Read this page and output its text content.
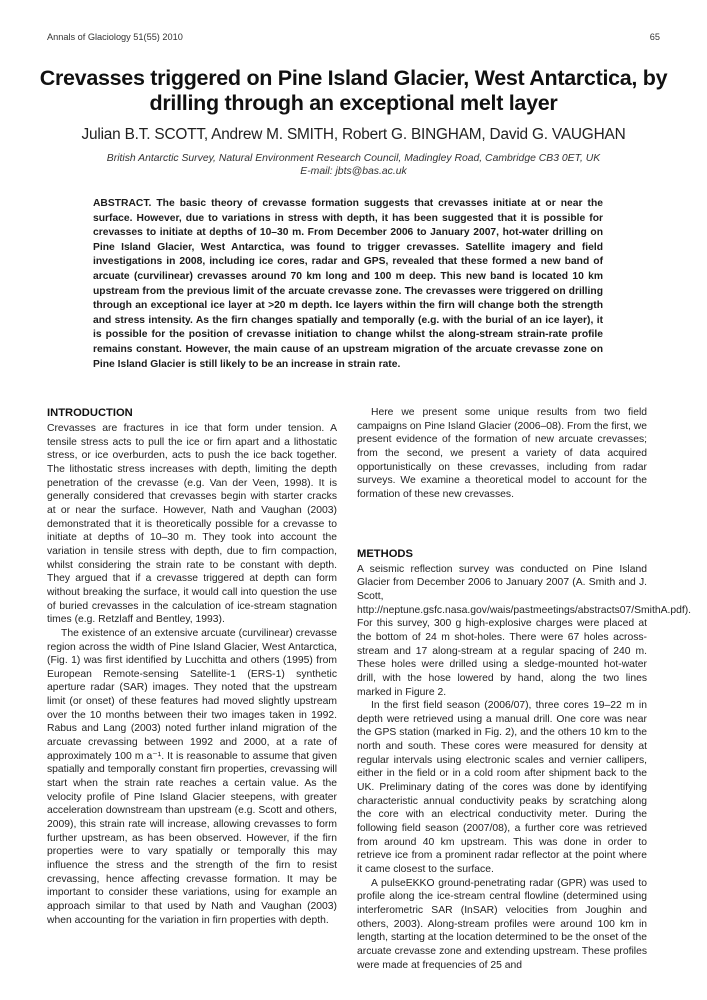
Annals of Glaciology 51(55) 2010	65
Crevasses triggered on Pine Island Glacier, West Antarctica, by drilling through an exceptional melt layer
Julian B.T. SCOTT, Andrew M. SMITH, Robert G. BINGHAM, David G. VAUGHAN
British Antarctic Survey, Natural Environment Research Council, Madingley Road, Cambridge CB3 0ET, UK
E-mail: jbts@bas.ac.uk

ABSTRACT. The basic theory of crevasse formation suggests that crevasses initiate at or near the surface. However, due to variations in stress with depth, it has been suggested that it is possible for crevasses to initiate at depths of 10–30 m. From December 2006 to January 2007, hot-water drilling on Pine Island Glacier, West Antarctica, was found to trigger crevasses. Satellite imagery and field investigations in 2008, including ice cores, radar and GPS, revealed that these formed a new band of arcuate (curvilinear) crevasses around 70 km long and 100 m deep. This new band is located 10 km upstream from the previous limit of the arcuate crevasse zone. The crevasses were triggered on drilling through an exceptional ice layer at >20 m depth. Ice layers within the firn will change both the strength and stress intensity. As the firn changes spatially and temporally (e.g. with the burial of an ice layer), it is possible for the position of crevasse initiation to change whilst the along-stream strain-rate profile remains constant. However, the main cause of an upstream migration of the arcuate crevasse zone on Pine Island Glacier is still likely to be an increase in strain rate.

INTRODUCTION

Crevasses are fractures in ice that form under tension. A tensile stress acts to pull the ice or firn apart and a lithostatic stress, or ice overburden, acts to push the ice back together. The lithostatic stress increases with depth, limiting the depth penetration of the crevasse (e.g. Van der Veen, 1998). It is generally considered that crevasses begin with starter cracks at or near the surface. However, Nath and Vaughan (2003) demonstrated that it is theoretically possible for a crevasse to initiate at depths of 10–30 m. They took into account the variation in tensile stress with depth, due to firn compaction, whilst considering the strain rate to be constant with depth. They argued that if a crevasse triggered at depth can form without breaking the surface, it would call into question the use of buried crevasses in the calculation of ice-stream stagnation times (e.g. Retzlaff and Bentley, 1993).

The existence of an extensive arcuate (curvilinear) crevasse region across the width of Pine Island Glacier, West Antarctica, (Fig. 1) was first identified by Lucchitta and others (1995) from European Remote-sensing Satellite-1 (ERS-1) synthetic aperture radar (SAR) images. They noted that the upstream limit (or onset) of these features had moved slightly upstream over the 10 months between their two images taken in 1992. Rabus and Lang (2003) noted further inland migration of the arcuate crevassing between 1992 and 2000, at a rate of approximately 100 m a⁻¹. It is reasonable to assume that given spatially and temporally constant firn properties, crevassing will start when the strain rate reaches a certain value. As the velocity profile of Pine Island Glacier steepens, with greater acceleration downstream than upstream (e.g. Scott and others, 2009), this strain rate will increase, allowing crevasses to form further upstream, as has been observed. However, if the firn properties were to vary spatially or temporally this may influence the stress and the strength of the firn to resist crevassing, hence affecting crevasse formation. It may be important to consider these variations, using for example an approach similar to that used by Nath and Vaughan (2003) when accounting for the variation in firn properties with depth.

Here we present some unique results from two field campaigns on Pine Island Glacier (2006–08). From the first, we present evidence of the formation of new arcuate crevasses; from the second, we present a variety of data acquired opportunistically on these crevasses, including from radar surveys. We examine a theoretical model to account for the formation of these new crevasses.

METHODS

A seismic reflection survey was conducted on Pine Island Glacier from December 2006 to January 2007 (A. Smith and J. Scott, http://neptune.gsfc.nasa.gov/wais/pastmeetings/abstracts07/SmithA.pdf). For this survey, 300 g high-explosive charges were placed at the bottom of 24 m shot-holes. There were 67 holes across-stream and 17 along-stream at a regular spacing of 240 m. These holes were drilled using a sledge-mounted hot-water drill, with the hose lowered by hand, along the two lines marked in Figure 2.

In the first field season (2006/07), three cores 19–22 m in depth were retrieved using a manual drill. One core was near the GPS station (marked in Fig. 2), and the others 10 km to the north and south. These cores were measured for density at regular intervals using electronic scales and vernier callipers, either in the field or in a cold room after shipment back to the UK. Preliminary dating of the cores was done by identifying characteristic annual conductivity peaks by scratching along the core with an electrical conductivity meter. During the following field season (2007/08), a further core was retrieved from around 40 km upstream. This was done in order to retrieve ice from a prominent radar reflector at the point where it came closest to the surface.

A pulseEKKO ground-penetrating radar (GPR) was used to profile along the ice-stream central flowline (determined using interferometric SAR (InSAR) velocities from Joughin and others, 2003). Along-stream profiles were around 100 km in length, starting at the location determined to be the onset of the arcuate crevasse zone and extending upstream. These profiles were made at frequencies of 25 and
